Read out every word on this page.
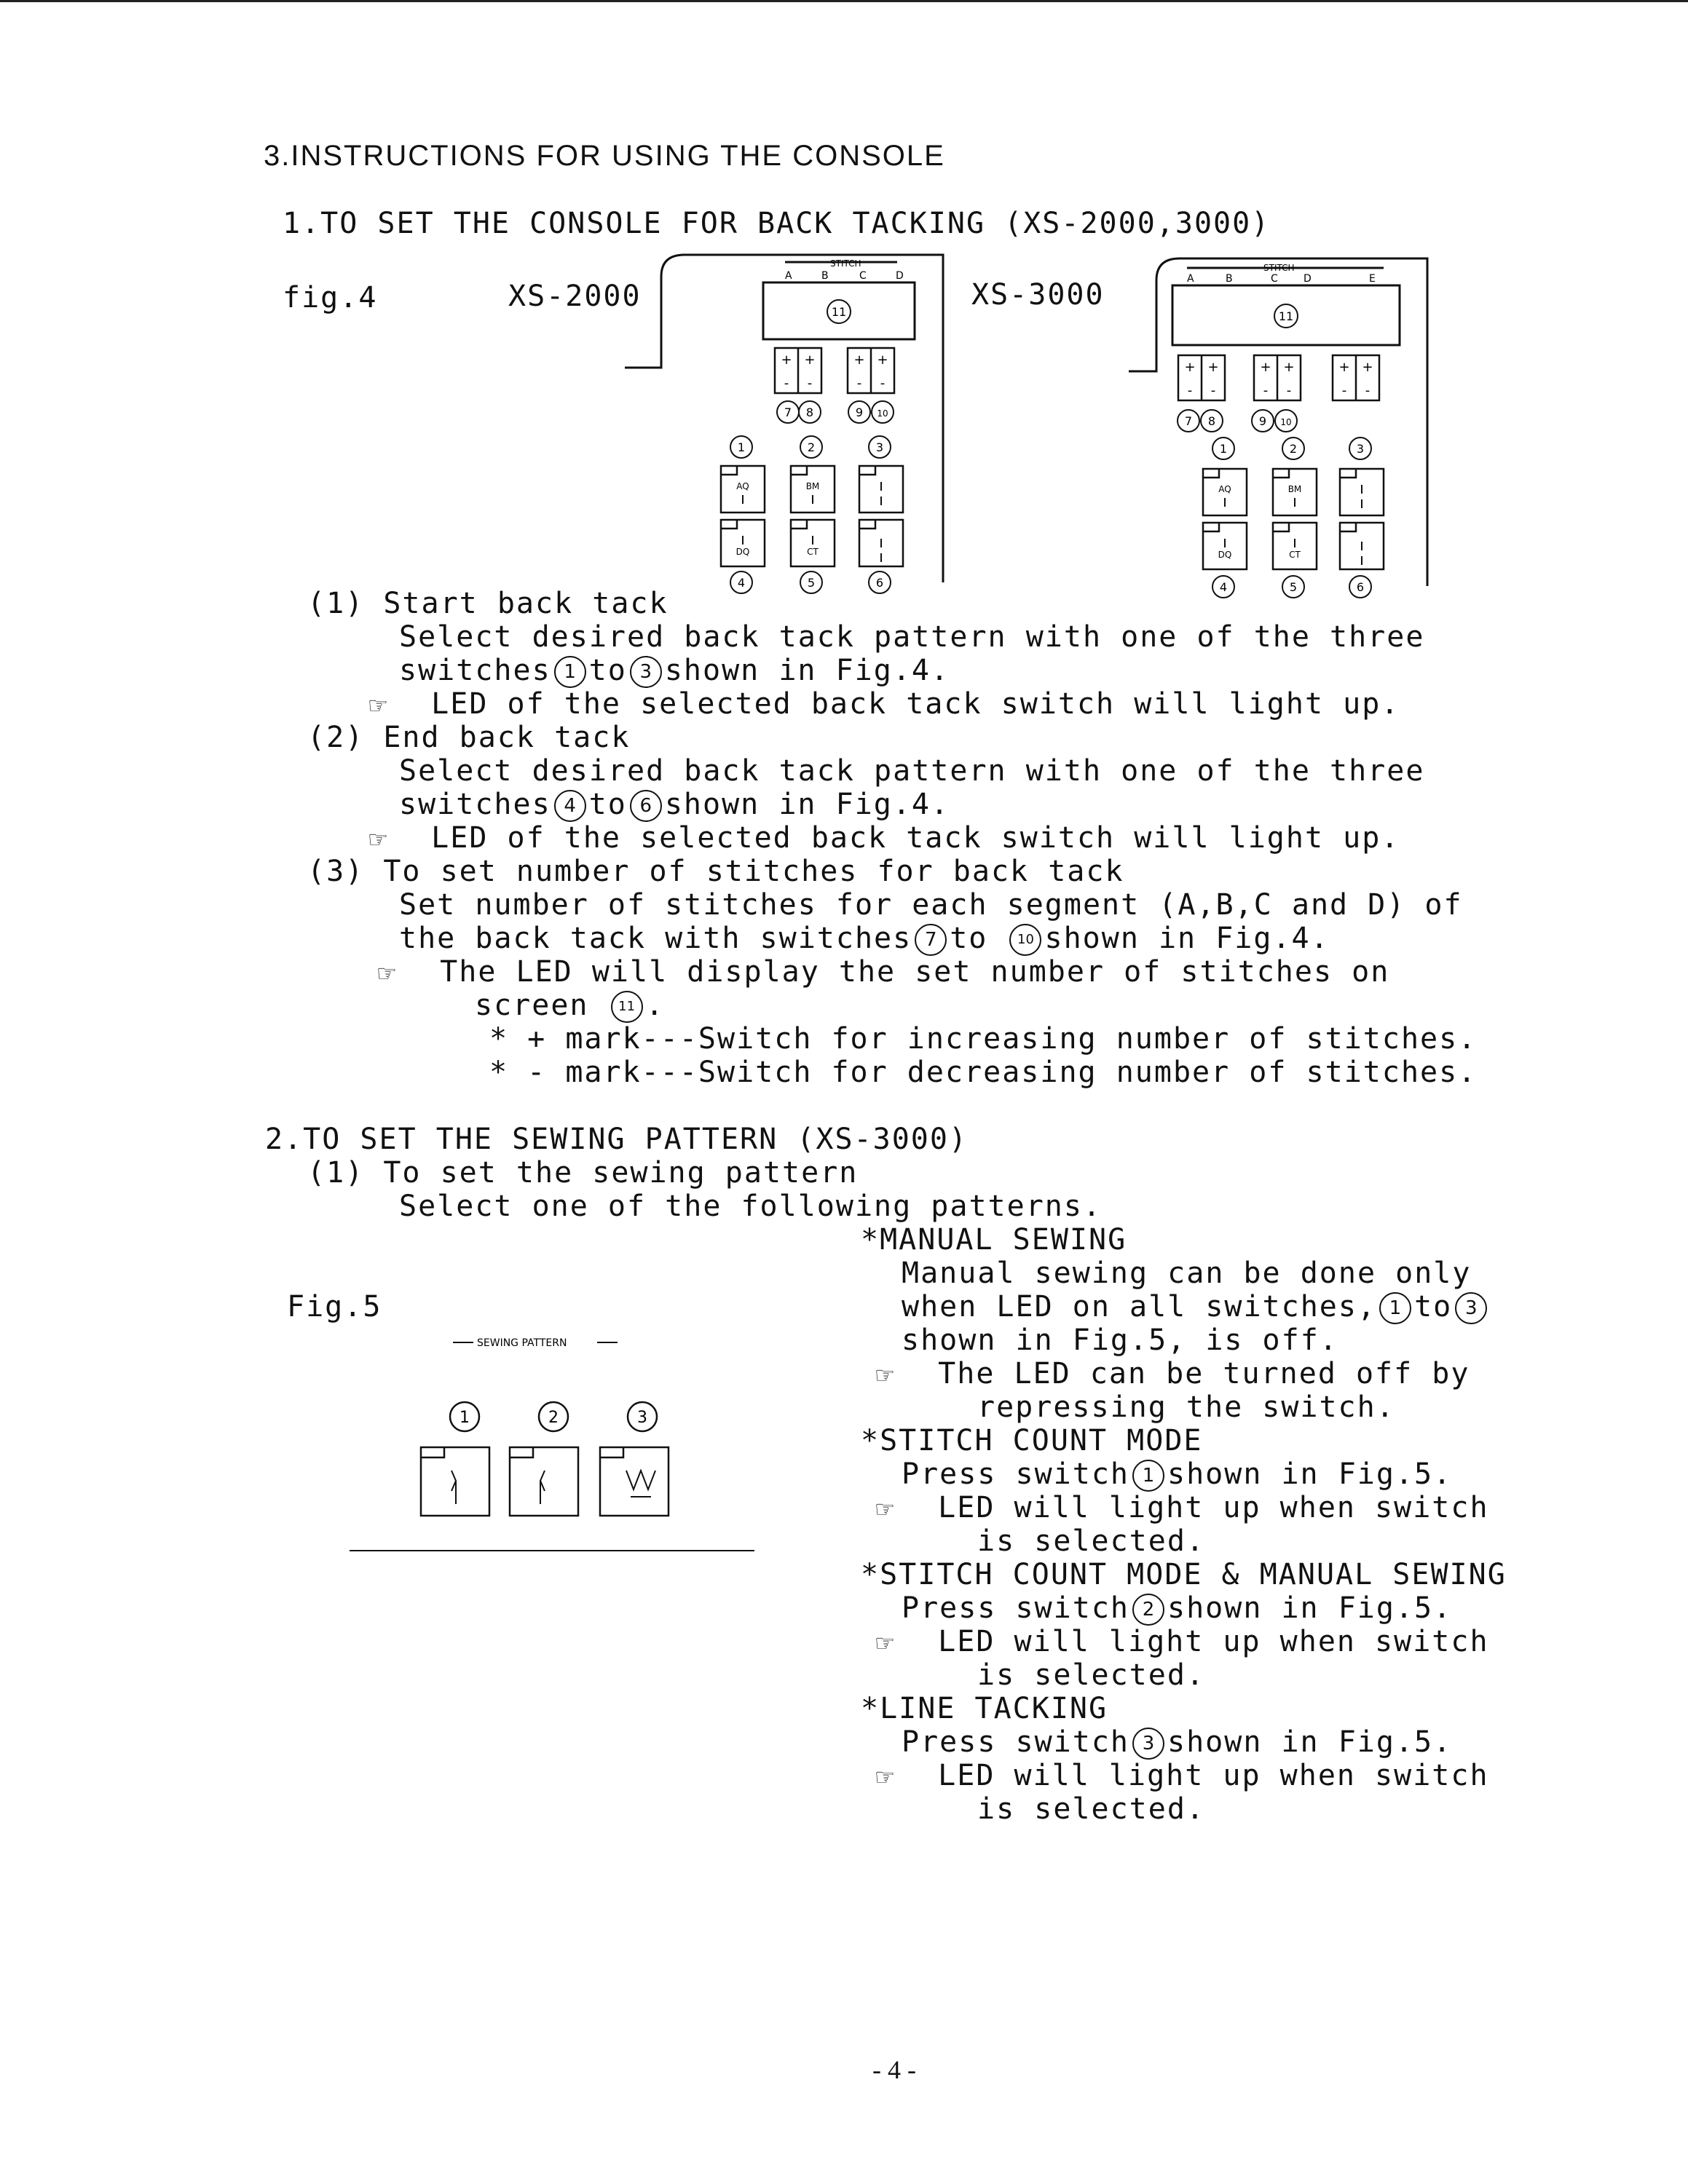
3.INSTRUCTIONS FOR USING THE CONSOLE
1.TO SET THE CONSOLE FOR BACK TACKING (XS-2000,3000)
fig.4	XS-2000	XS-3000
STITCH	STITCH
A	B	C	D	A	B	C	D	E
11	11
+ +	+ +
- -	- -
+ +	+ +	+ +
- -	- -	- -
7 8	9 10
1	2	3
4	5	6
7 8	9 10
1	2	3
4	5	6
AQ	BM
DQ	CT
AQ	BM
DQ	CT
(1) Start back tack
Select desired back tack pattern with one of the three
switches 1 to 3 shown in Fig.4.
☞ LED of the selected back tack switch will light up.
(2) End back tack
Select desired back tack pattern with one of the three
switches 4 to 6 shown in Fig.4.
☞ LED of the selected back tack switch will light up.
(3) To set number of stitches for back tack
Set number of stitches for each segment (A,B,C and D) of
the back tack with switches 7 to 10 shown in Fig.4.
☞ The LED will display the set number of stitches on
screen 11 .
* + mark---Switch for increasing number of stitches.
* - mark---Switch for decreasing number of stitches.
2.TO SET THE SEWING PATTERN (XS-3000)
(1) To set the sewing pattern
Select one of the following patterns.
Fig.5
SEWING PATTERN
1	2	3
*MANUAL SEWING
Manual sewing can be done only
when LED on all switches, 1 to 3
shown in Fig.5, is off.
☞ The LED can be turned off by
repressing the switch.
*STITCH COUNT MODE
Press switch 1 shown in Fig.5.
☞ LED will light up when switch
is selected.
*STITCH COUNT MODE & MANUAL SEWING
Press switch 2 shown in Fig.5.
☞ LED will light up when switch
is selected.
*LINE TACKING
Press switch 3 shown in Fig.5.
☞ LED will light up when switch
is selected.
- 4 -
